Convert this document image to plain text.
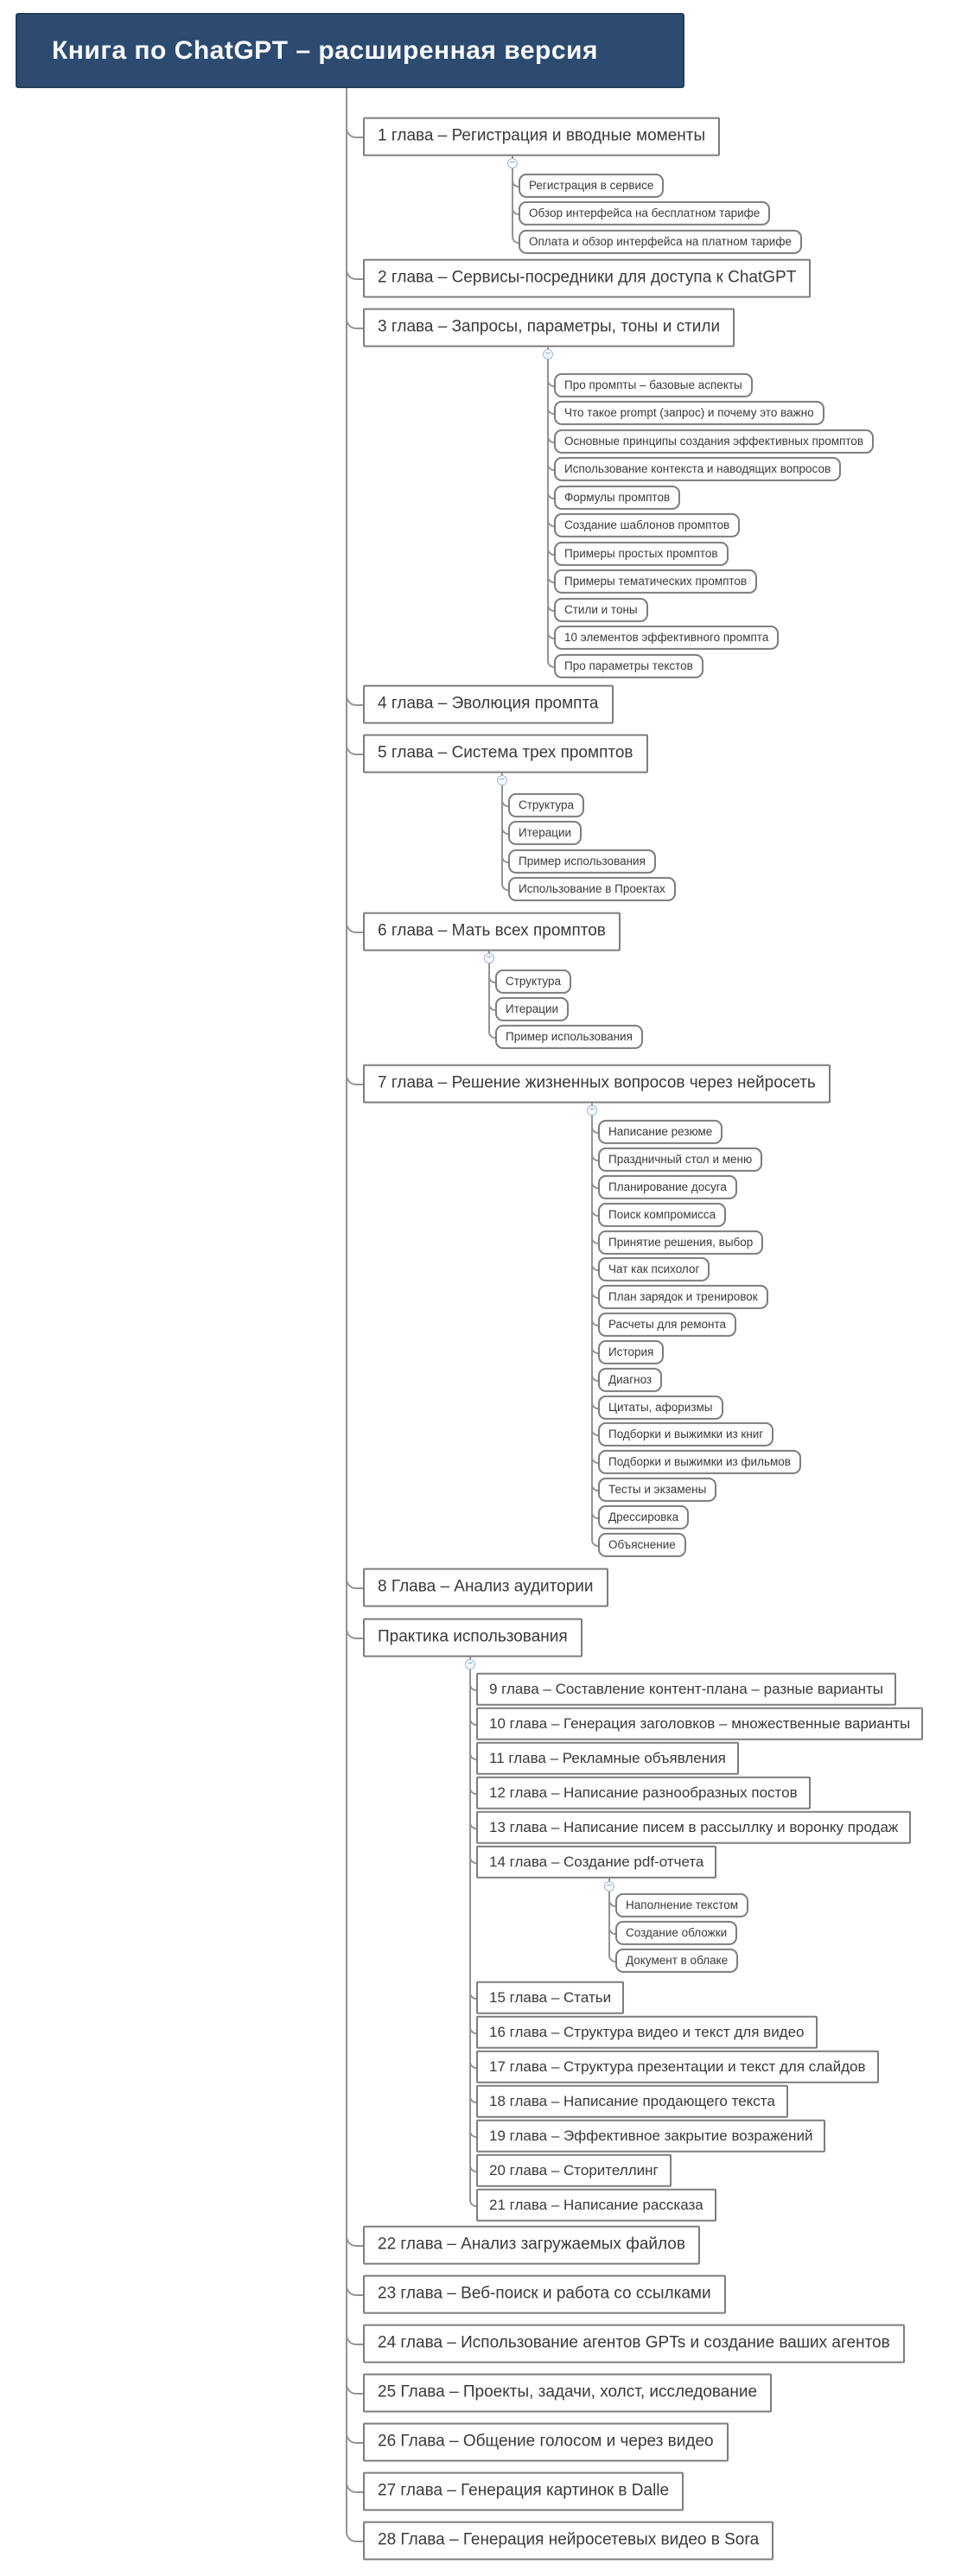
Книга по ChatGPT – расширенная версия
1 глава – Регистрация и вводные моменты
−
Регистрация в сервисе
Обзор интерфейса на бесплатном тарифе
Оплата и обзор интерфейса на платном тарифе
2 глава – Сервисы-посредники для доступа к ChatGPT
3 глава – Запросы, параметры, тоны и стили
−
Про промпты – базовые аспекты
Что такое prompt (запрос) и почему это важно
Основные принципы создания эффективных промптов
Использование контекста и наводящих вопросов
Формулы промптов
Создание шаблонов промптов
Примеры простых промптов
Примеры тематических промптов
Стили и тоны
10 элементов эффективного промпта
Про параметры текстов
4 глава – Эволюция промпта
5 глава – Система трех промптов
−
Структура
Итерации
Пример использования
Использование в Проектах
6 глава – Мать всех промптов
−
Структура
Итерации
Пример использования
7 глава – Решение жизненных вопросов через нейросеть
−
Написание резюме
Праздничный стол и меню
Планирование досуга
Поиск компромисса
Принятие решения, выбор
Чат как психолог
План зарядок и тренировок
Расчеты для ремонта
История
Диагноз
Цитаты, афоризмы
Подборки и выжимки из книг
Подборки и выжимки из фильмов
Тесты и экзамены
Дрессировка
Объяснение
8 Глава – Анализ аудитории
Практика использования
−
9 глава – Составление контент-плана – разные варианты
10 глава – Генерация заголовков – множественные варианты
11 глава – Рекламные объявления
12 глава – Написание разнообразных постов
13 глава – Написание писем в рассыллку и воронку продаж
14 глава – Создание pdf-отчета
−
Наполнение текстом
Создание обложки
Документ в облаке
15 глава – Статьи
16 глава – Структура видео и текст для видео
17 глава – Структура презентации и текст для слайдов
18 глава – Написание продающего текста
19 глава – Эффективное закрытие возражений
20 глава – Сторителлинг
21 глава – Написание рассказа
22 глава – Анализ загружаемых файлов
23 глава – Веб-поиск и работа со ссылками
24 глава – Использование агентов GPTs и создание ваших агентов
25 Глава – Проекты, задачи, холст, исследование
26 Глава – Общение голосом и через видео
27 глава – Генерация картинок в Dalle
28 Глава – Генерация нейросетевых видео в Sora
